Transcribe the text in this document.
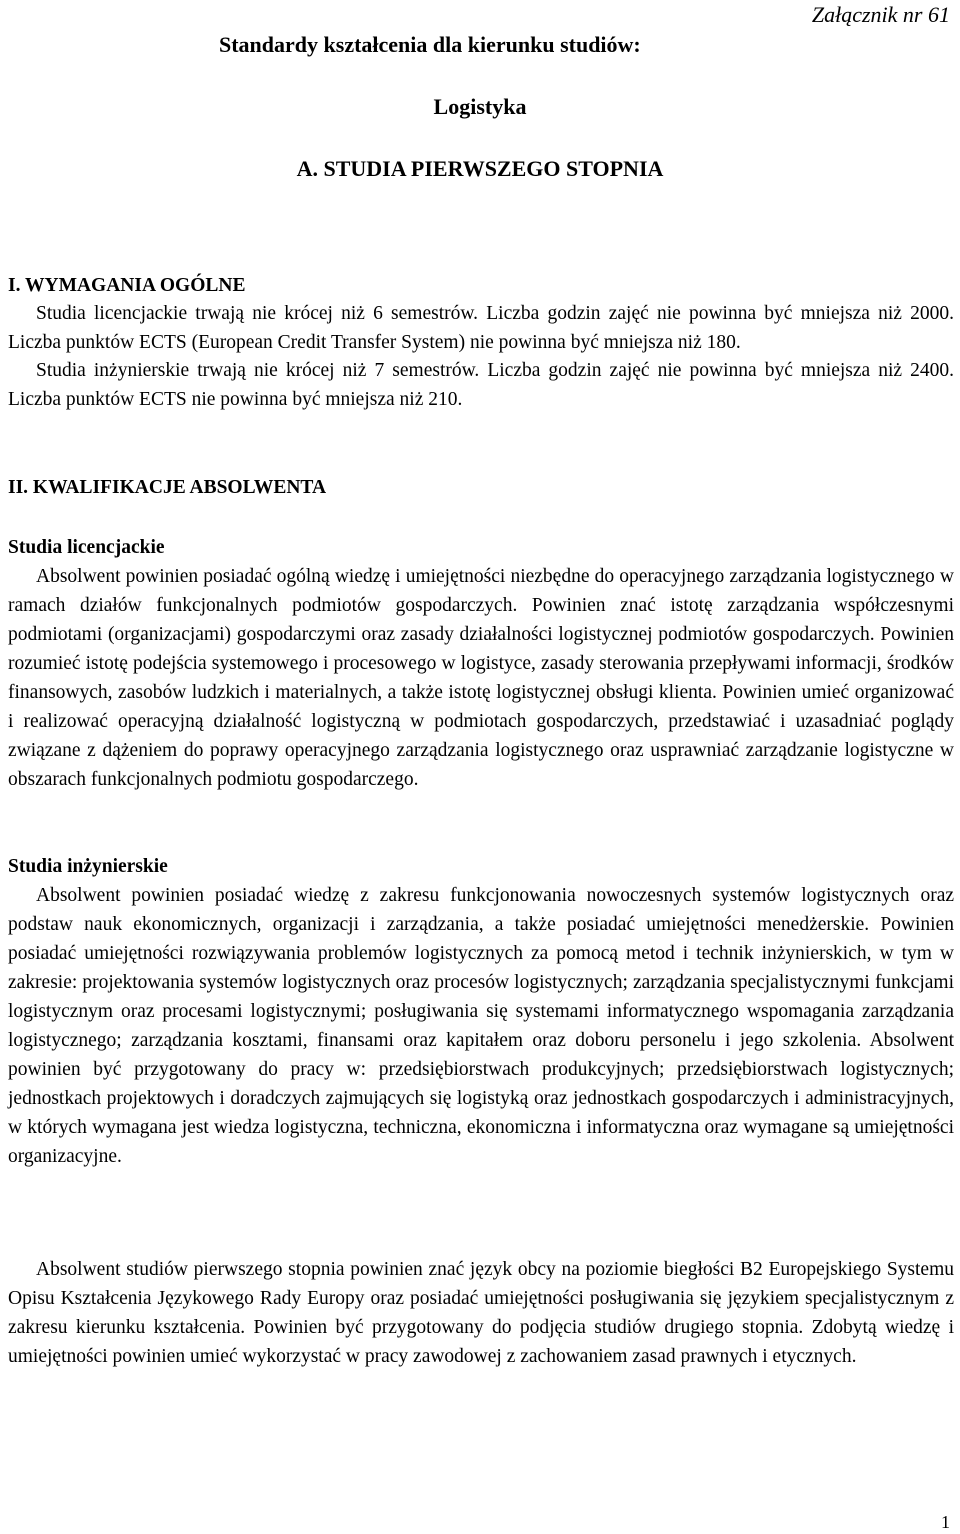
Załącznik nr 61
Standardy kształcenia dla kierunku studiów:
Logistyka
A. STUDIA PIERWSZEGO STOPNIA

I. WYMAGANIA OGÓLNE

Studia licencjackie trwają nie krócej niż 6 semestrów. Liczba godzin zajęć nie powinna być mniejsza niż 2000. Liczba punktów ECTS (European Credit Transfer System) nie powinna być mniejsza niż 180.

Studia inżynierskie trwają nie krócej niż 7 semestrów. Liczba godzin zajęć nie powinna być mniejsza niż 2400. Liczba punktów ECTS nie powinna być mniejsza niż 210.

II. KWALIFIKACJE ABSOLWENTA

Studia licencjackie

Absolwent powinien posiadać ogólną wiedzę i umiejętności niezbędne do operacyjnego zarządzania logistycznego w ramach działów funkcjonalnych podmiotów gospodarczych. Powinien znać istotę zarządzania współczesnymi podmiotami (organizacjami) gospodarczymi oraz zasady działalności logistycznej podmiotów gospodarczych. Powinien rozumieć istotę podejścia systemowego i procesowego w logistyce, zasady sterowania przepływami informacji, środków finansowych, zasobów ludzkich i materialnych, a także istotę logistycznej obsługi klienta. Powinien umieć organizować i realizować operacyjną działalność logistyczną w podmiotach gospodarczych, przedstawiać i uzasadniać poglądy związane z dążeniem do poprawy operacyjnego zarządzania logistycznego oraz usprawniać zarządzanie logistyczne w obszarach funkcjonalnych podmiotu gospodarczego.

Studia inżynierskie

Absolwent powinien posiadać wiedzę z zakresu funkcjonowania nowoczesnych systemów logistycznych oraz podstaw nauk ekonomicznych, organizacji i zarządzania, a także posiadać umiejętności menedżerskie. Powinien posiadać umiejętności rozwiązywania problemów logistycznych za pomocą metod i technik inżynierskich, w tym w zakresie: projektowania systemów logistycznych oraz procesów logistycznych; zarządzania specjalistycznymi funkcjami logistycznym oraz procesami logistycznymi; posługiwania się systemami informatycznego wspomagania zarządzania logistycznego; zarządzania kosztami, finansami oraz kapitałem oraz doboru personelu i jego szkolenia. Absolwent powinien być przygotowany do pracy w: przedsiębiorstwach produkcyjnych; przedsiębiorstwach logistycznych; jednostkach projektowych i doradczych zajmujących się logistyką oraz jednostkach gospodarczych i administracyjnych, w których wymagana jest wiedza logistyczna, techniczna, ekonomiczna i informatyczna oraz wymagane są umiejętności organizacyjne.

Absolwent studiów pierwszego stopnia powinien znać język obcy na poziomie biegłości B2 Europejskiego Systemu Opisu Kształcenia Językowego Rady Europy oraz posiadać umiejętności posługiwania się językiem specjalistycznym z zakresu kierunku kształcenia. Powinien być przygotowany do podjęcia studiów drugiego stopnia. Zdobytą wiedzę i umiejętności powinien umieć wykorzystać w pracy zawodowej z zachowaniem zasad prawnych i etycznych.

1
